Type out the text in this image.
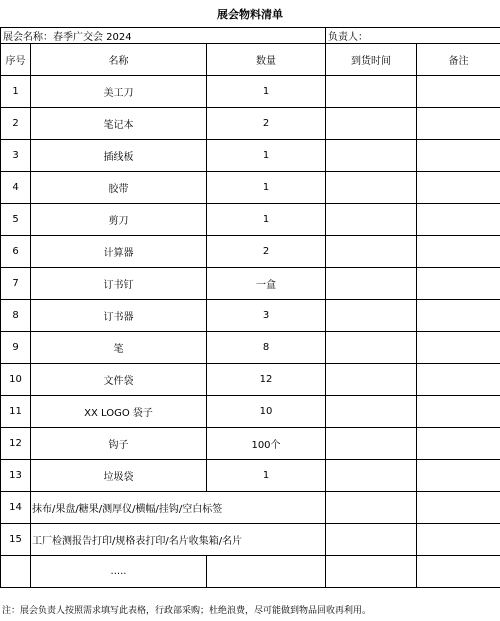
展会物料清单
展会名称：春季广交会 2024			负责人：	
序号	名称	数量	到货时间	备注
1	美工刀	1		
2	笔记本	2		
3	插线板	1		
4	胶带	1		
5	剪刀	1		
6	计算器	2		
7	订书钉	一盒		
8	订书器	3		
9	笔	8		
10	文件袋	12		
11	XX LOGO 袋子	10		
12	钩子	100个		
13	垃圾袋	1		
14	抹布/果盘/糖果/测厚仪/横幅/挂钩/空白标签			
15	工厂检测报告打印/规格表打印/名片收集箱/名片			
	.....			
注：展会负责人按照需求填写此表格，行政部采购；杜绝浪费，尽可能做到物品回收再利用。
